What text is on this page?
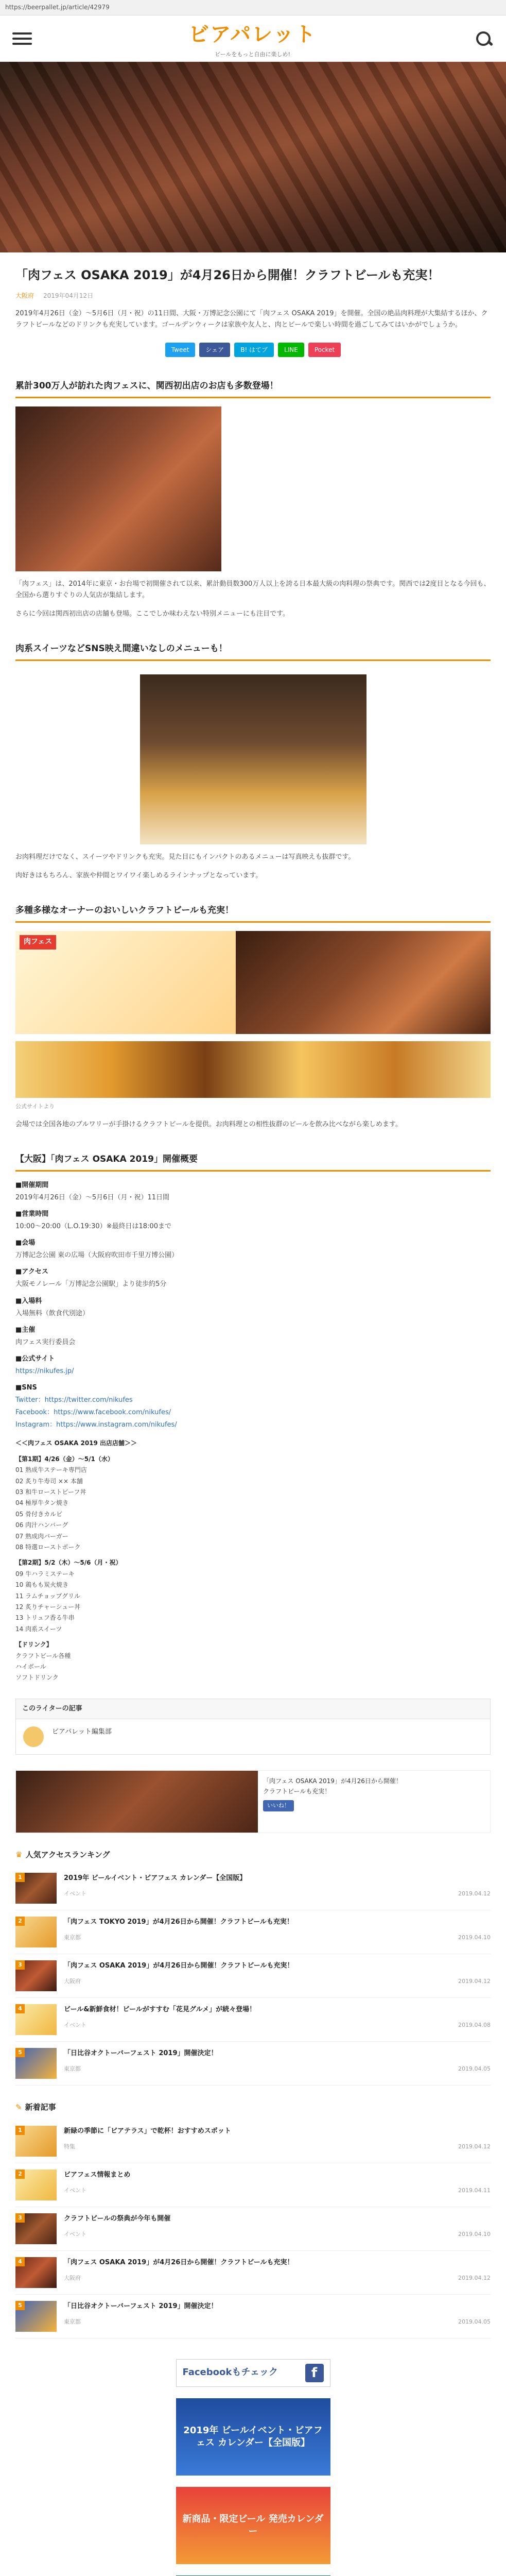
https://beerpallet.jp/article/42979
ビアパレット
ビールをもっと自由に楽しめ!
「肉フェス OSAKA 2019」が4月26日から開催！クラフトビールも充実！
大阪府 2019年04月12日

2019年4月26日（金）〜5月6日（月・祝）の11日間、大阪・万博記念公園にて「肉フェス OSAKA 2019」を開催。全国の絶品肉料理が大集結するほか、クラフトビールなどのドリンクも充実しています。ゴールデンウィークは家族や友人と、肉とビールで楽しい時間を過ごしてみてはいかがでしょうか。

Tweet	シェア	B! はてブ	LINE	Pocket
累計300万人が訪れた肉フェスに、関西初出店のお店も多数登場！

「肉フェス」は、2014年に東京・お台場で初開催されて以来、累計動員数300万人以上を誇る日本最大級の肉料理の祭典です。関西では2度目となる今回も、全国から選りすぐりの人気店が集結します。

さらに今回は関西初出店の店舗も登場。ここでしか味わえない特別メニューにも注目です。

肉系スイーツなどSNS映え間違いなしのメニューも！

お肉料理だけでなく、スイーツやドリンクも充実。見た目にもインパクトのあるメニューは写真映えも抜群です。

肉好きはもちろん、家族や仲間とワイワイ楽しめるラインナップとなっています。

多種多様なオーナーのおいしいクラフトビールも充実！
肉フェス

公式サイトより

会場では全国各地のブルワリーが手掛けるクラフトビールを提供。お肉料理との相性抜群のビールを飲み比べながら楽しめます。

【大阪】「肉フェス OSAKA 2019」開催概要
■開催期間
2019年4月26日（金）〜5月6日（月・祝）11日間
■営業時間
10:00〜20:00（L.O.19:30）※最終日は18:00まで
■会場
万博記念公園 東の広場（大阪府吹田市千里万博公園）
■アクセス
大阪モノレール「万博記念公園駅」より徒歩約5分
■入場料
入場無料（飲食代別途）
■主催
肉フェス実行委員会
■公式サイト
https://nikufes.jp/
■SNS
Twitter：https://twitter.com/nikufes
Facebook：https://www.facebook.com/nikufes/
Instagram：https://www.instagram.com/nikufes/
＜＜肉フェス OSAKA 2019 出店店舗＞＞
【第1期】4/26（金）〜5/1（水）
01 熟成牛ステーキ専門店
02 炙り牛寿司 ×× 本舗
03 和牛ローストビーフ丼
04 極厚牛タン焼き
05 骨付きカルビ
06 肉汁ハンバーグ
07 熟成肉バーガー
08 特選ローストポーク
【第2期】5/2（木）〜5/6（月・祝）
09 牛ハラミステーキ
10 鶏もも炭火焼き
11 ラムチョップグリル
12 炙りチャーシュー丼
13 トリュフ香る牛串
14 肉系スイーツ
【ドリンク】
クラフトビール各種
ハイボール
ソフトドリンク
このライターの記事
ビアパレット編集部
「肉フェス OSAKA 2019」が4月26日から開催！
クラフトビールも充実！
いいね！
♛ 人気アクセスランキング
1	2019年 ビールイベント・ビアフェス カレンダー【全国版】
イベント	2019.04.12
2	「肉フェス TOKYO 2019」が4月26日から開催！クラフトビールも充実！
東京都	2019.04.10
3	「肉フェス OSAKA 2019」が4月26日から開催！クラフトビールも充実！
大阪府	2019.04.12
4	ビール&新鮮食材！ビールがすすむ「花見グルメ」が続々登場！
イベント	2019.04.08
5	「日比谷オクトーバーフェスト 2019」開催決定！
東京都	2019.04.05
✎ 新着記事
1	新緑の季節に「ビアテラス」で乾杯！おすすめスポット
特集	2019.04.12
2	ビアフェス情報まとめ
イベント	2019.04.11
3	クラフトビールの祭典が今年も開催
イベント	2019.04.10
4	「肉フェス OSAKA 2019」が4月26日から開催！クラフトビールも充実！
大阪府	2019.04.12
5	「日比谷オクトーバーフェスト 2019」開催決定！
東京都	2019.04.05
Facebookもチェック	f
2019年 ビールイベント・ビアフェス カレンダー【全国版】
新商品・限定ビール 発売カレンダー
